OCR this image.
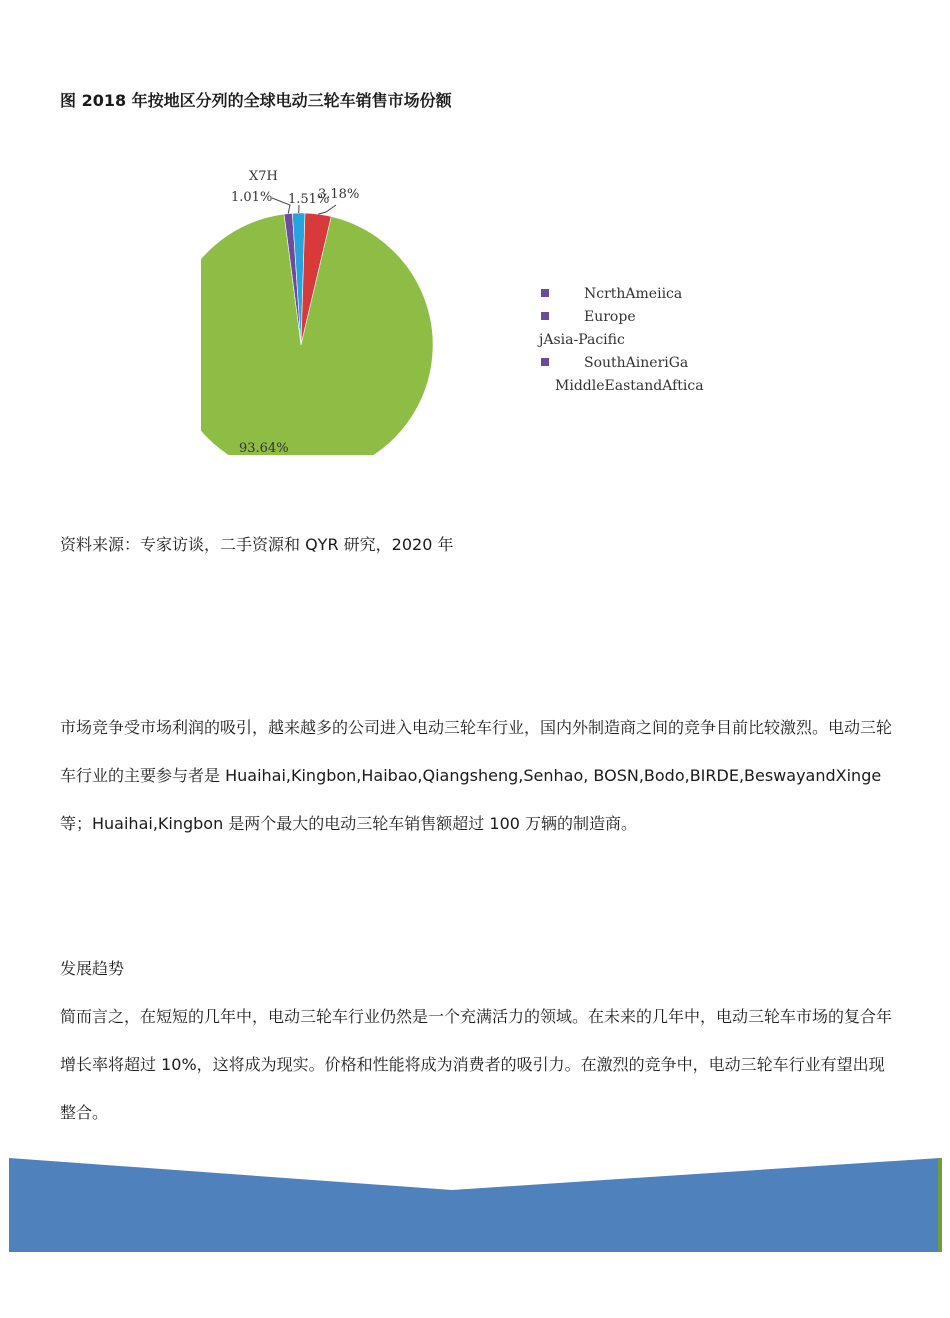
图 2018 年按地区分列的全球电动三轮车销售市场份额
1.01% 1.51%
3.18%
93.64%
X7H
NcrthAmeiica
Europe
jAsia-Pacific
SouthAineriGa
MiddleEastandAftica
资料来源：专家访谈，二手资源和 QYR 研究，2020 年
市场竞争受市场利润的吸引，越来越多的公司进入电动三轮车行业，国内外制造商之间的竞争目前比较激烈。电动三轮车行业的主要参与者是 Huaihai,Kingbon,Haibao,Qiangsheng,Senhao, BOSN,Bodo,BIRDE,BeswayandXinge 等；Huaihai,Kingbon 是两个最大的电动三轮车销售额超过 100 万辆的制造商。
发展趋势
简而言之，在短短的几年中，电动三轮车行业仍然是一个充满活力的领域。在未来的几年中，电动三轮车市场的复合年增长率将超过 10%，这将成为现实。价格和性能将成为消费者的吸引力。在激烈的竞争中，电动三轮车行业有望出现整合。
